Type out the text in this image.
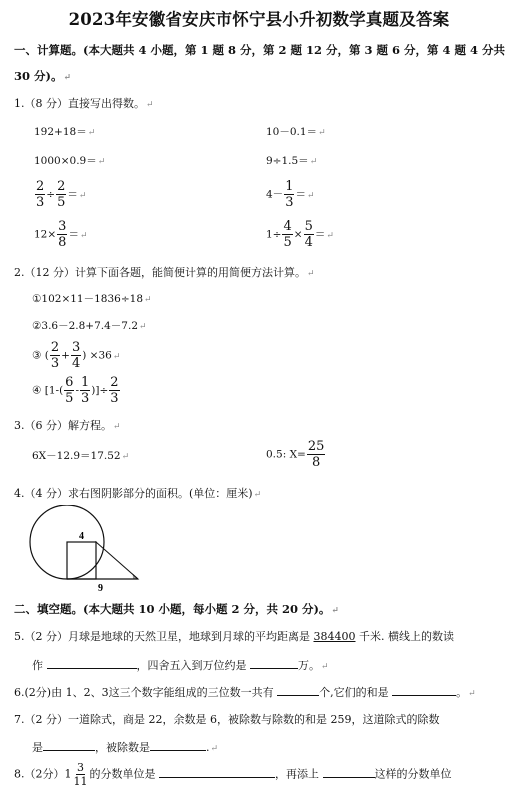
2023年安徽省安庆市怀宁县小升初数学真题及答案
一、计算题。(本大题共 4 小题，第 1 题 8 分，第 2 题 12 分，第 3 题 6 分，第 4 题 4 分共
30 分)。↵
1.（8 分）直接写出得数。↵
192+18＝↵	10－0.1＝↵
1000×0.9＝↵	9÷1.5＝↵
$\frac{2}{3} \div \frac{2}{5}$ ＝↵	$4- \frac{1}{3}$ ＝↵
$12\times \frac{3}{8}$ ＝↵	$1\div \frac{4}{5} \times \frac{5}{4}$ ＝↵
2.（12 分）计算下面各题，能简便计算的用简便方法计算。↵
①102×11－1836÷18↵
②3.6－2.8+7.4－7.2↵
③ ( $\frac{2}{3} + \frac{3}{4}$ ) ×36↵
④ [$1-( \frac{6}{5} - \frac{1}{3}$ )]÷ $\frac{2}{3}$
3.（6 分）解方程。↵
6X－12.9＝17.52↵	0.5: $X= \frac{25}{8}$
4.（4 分）求右图阴影部分的面积。(单位：厘米)↵
4
9
二、填空题。(本大题共 10 小题，每小题 2 分，共 20 分)。↵
5.（2 分）月球是地球的天然卫星，地球到月球的平均距离是 384400 千米. 横线上的数读
作	，四舍五入到万位约是	万。↵
6.(2分)由 1、2、3这三个数字能组成的三位数一共有	个,它们的和是	。↵
7.（2 分）一道除式，商是 22，余数是 6，被除数与除数的和是 259，这道除式的除数
是	，被除数是	.↵
8.（2分）$1 \frac{3}{11}$ 的分数单位是	，再添上	这样的分数单位
